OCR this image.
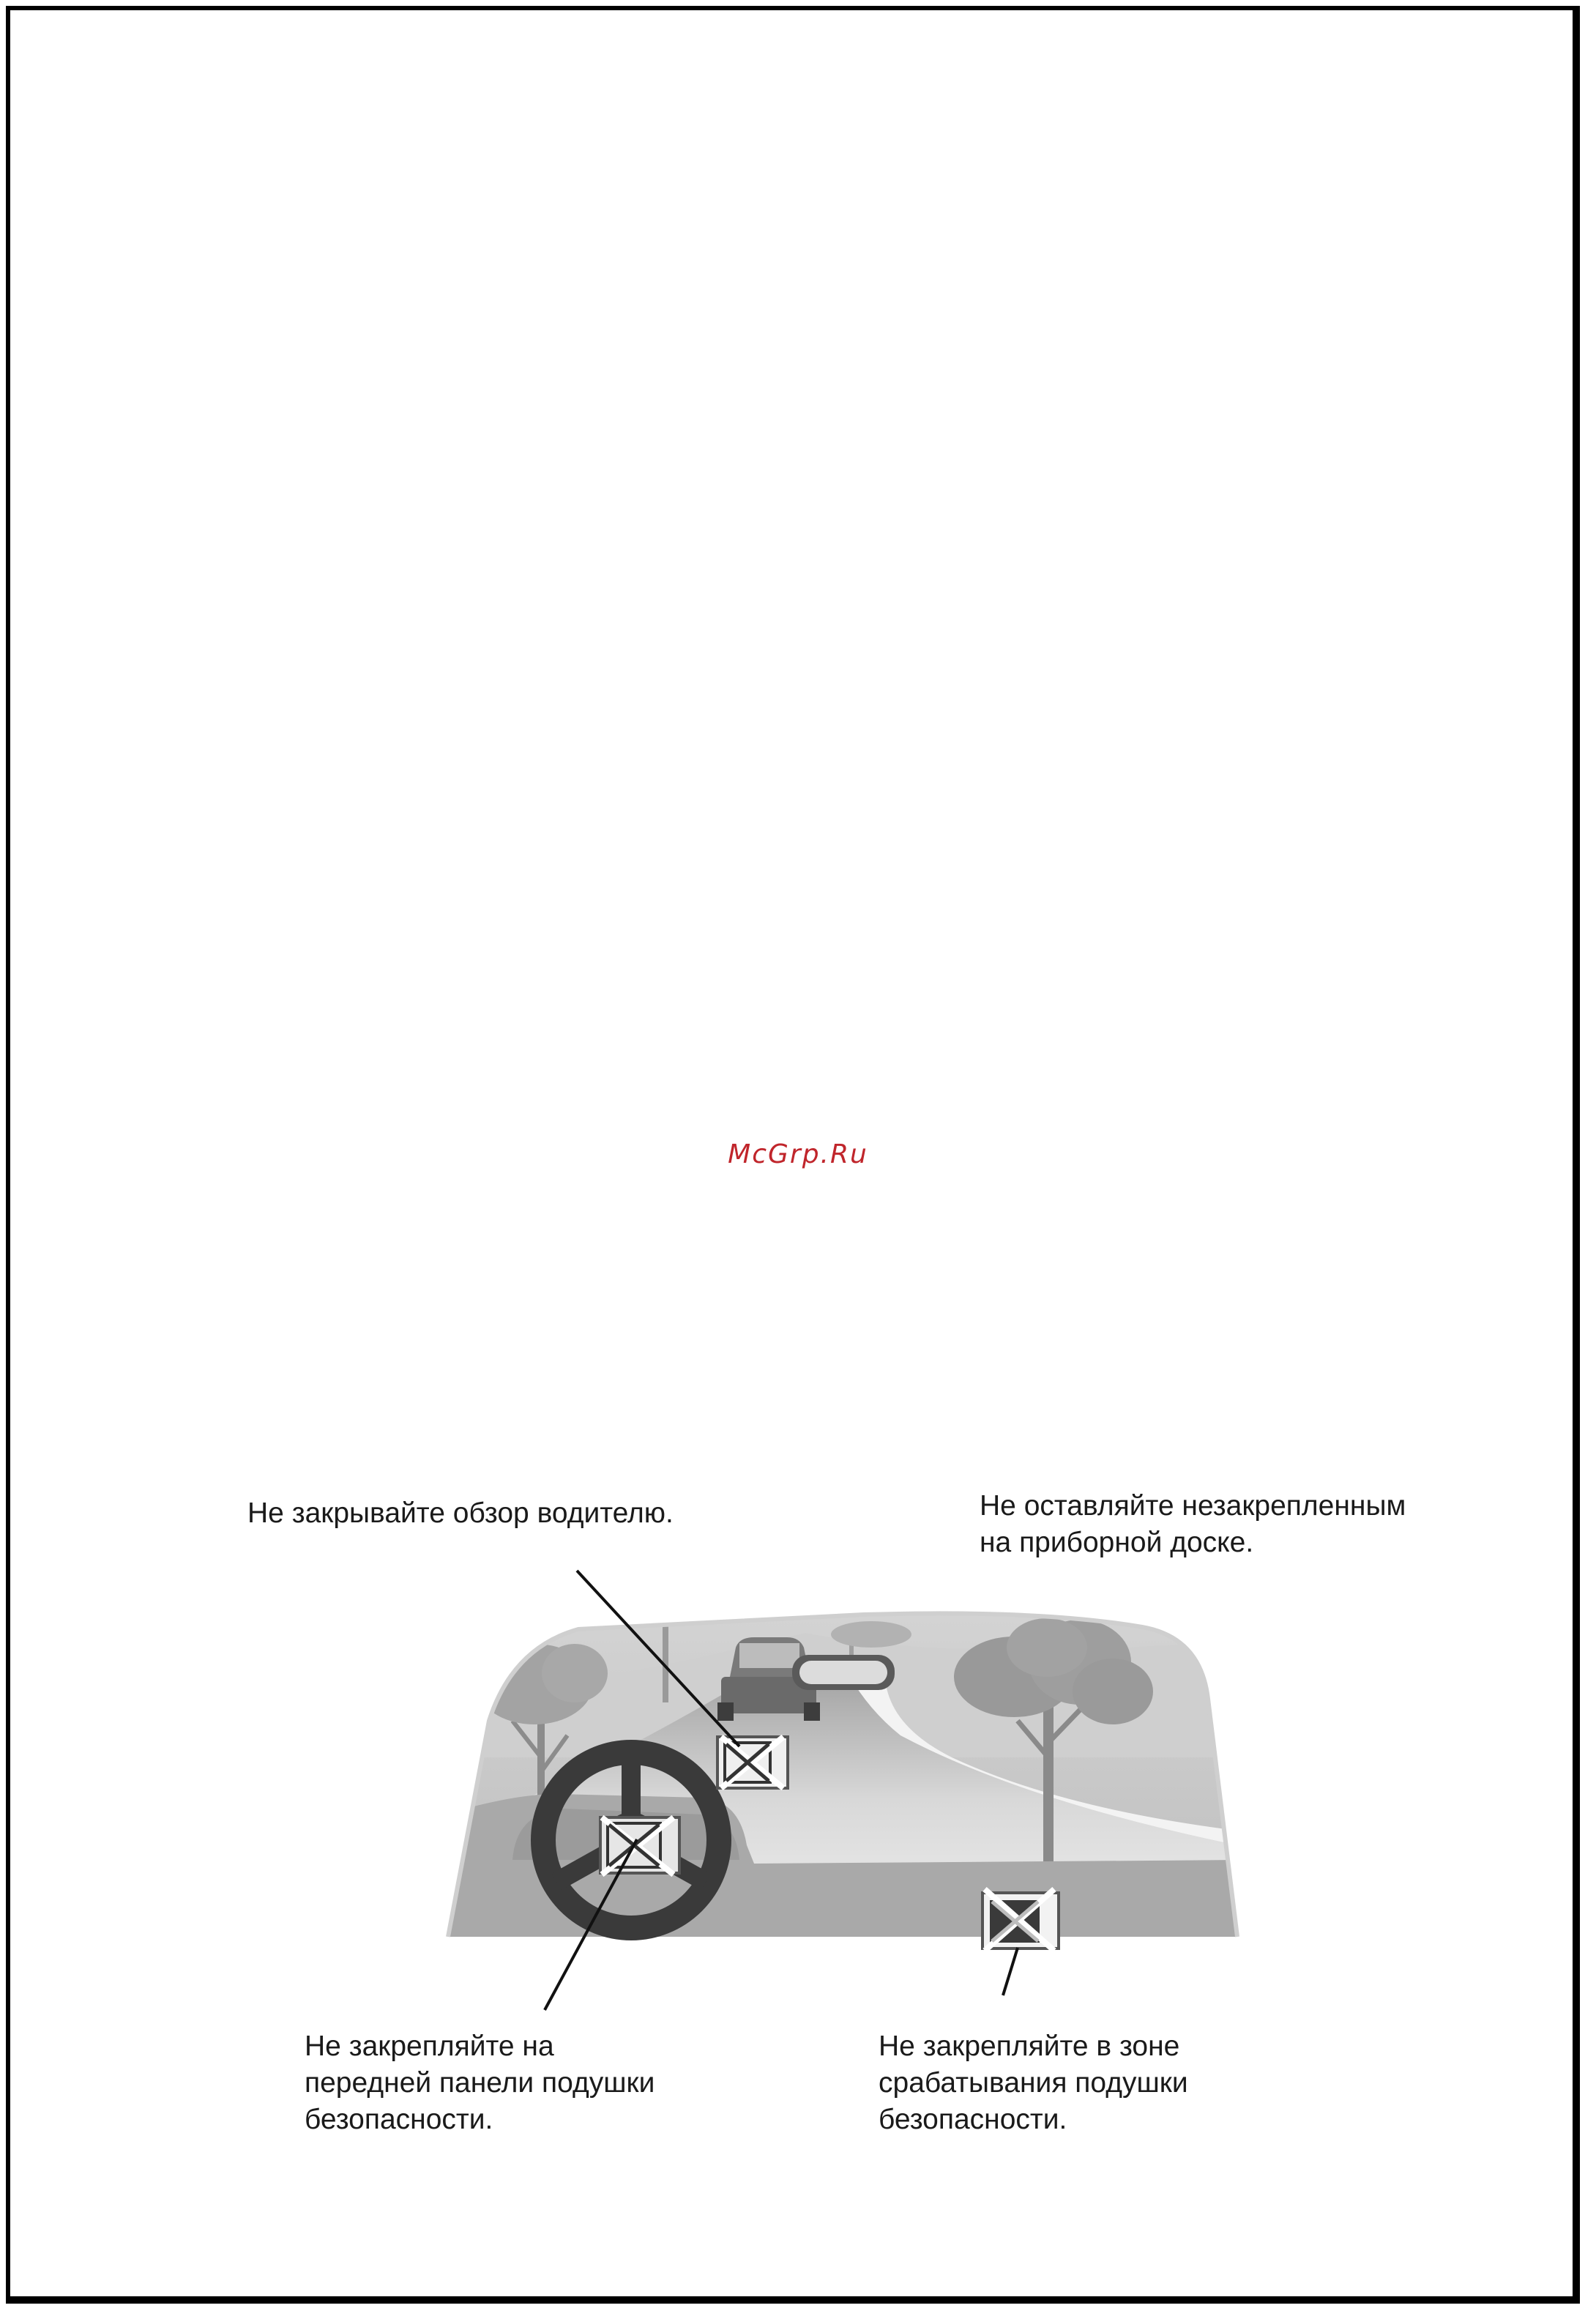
McGrp.Ru

Не закрывайте обзор водителю.	Не оставляйте незакрепленным
на приборной доске.

Не закрепляйте на
передней панели подушки
безопасности.

Не закрепляйте в зоне
срабатывания подушки
безопасности.
